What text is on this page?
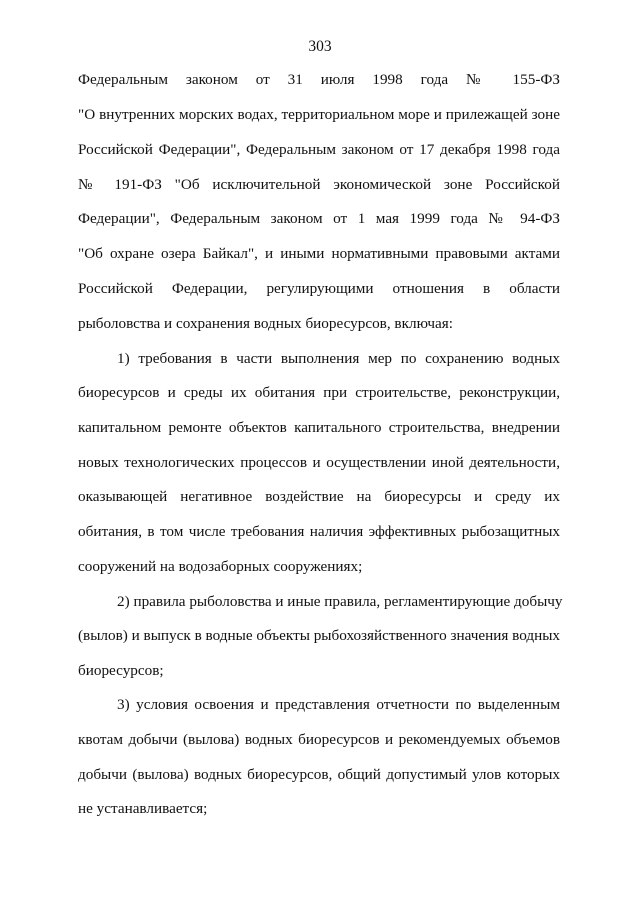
303
Федеральным законом от 31 июля 1998 года № 155-ФЗ
"О внутренних морских водах, территориальном море и прилежащей зоне
Российской Федерации", Федеральным законом от 17 декабря 1998 года
№ 191-ФЗ "Об исключительной экономической зоне Российской
Федерации", Федеральным законом от 1 мая 1999 года № 94-ФЗ
"Об охране озера Байкал", и иными нормативными правовыми актами
Российской Федерации, регулирующими отношения в области
рыболовства и сохранения водных биоресурсов, включая:
1) требования в части выполнения мер по сохранению водных
биоресурсов и среды их обитания при строительстве, реконструкции,
капитальном ремонте объектов капитального строительства, внедрении
новых технологических процессов и осуществлении иной деятельности,
оказывающей негативное воздействие на биоресурсы и среду их
обитания, в том числе требования наличия эффективных рыбозащитных
сооружений на водозаборных сооружениях;
2) правила рыболовства и иные правила, регламентирующие добычу
(вылов) и выпуск в водные объекты рыбохозяйственного значения водных
биоресурсов;
3) условия освоения и представления отчетности по выделенным
квотам добычи (вылова) водных биоресурсов и рекомендуемых объемов
добычи (вылова) водных биоресурсов, общий допустимый улов которых
не устанавливается;
